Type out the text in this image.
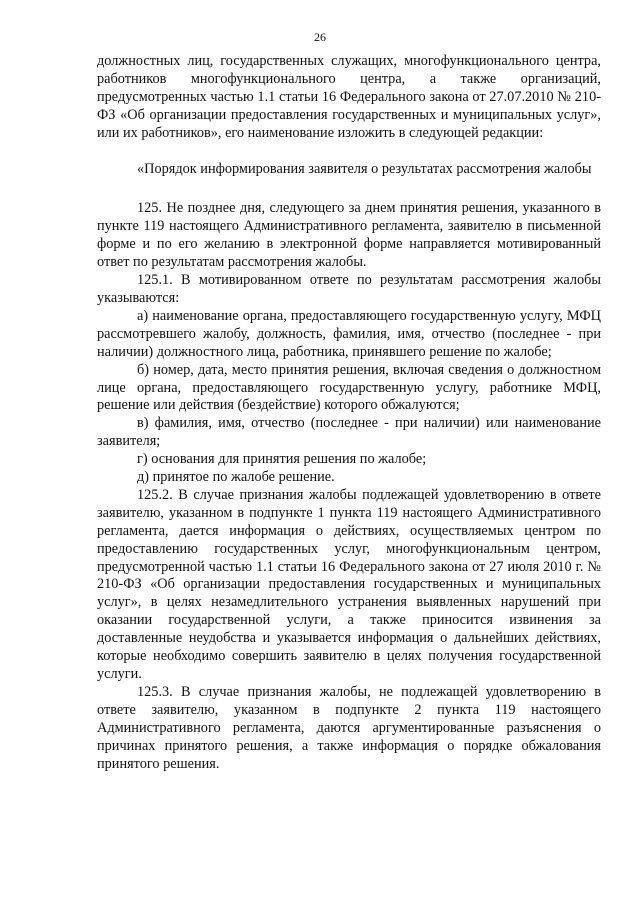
26

должностных лиц, государственных служащих, многофункционального центра, работников многофункционального центра, а также организаций, предусмотренных частью 1.1 статьи 16 Федерального закона от 27.07.2010 № 210-ФЗ «Об организации предоставления государственных и муниципальных услуг», или их работников», его наименование изложить в следующей редакции:

«Порядок информирования заявителя о результатах рассмотрения жалобы

125. Не позднее дня, следующего за днем принятия решения, указанного в пункте 119 настоящего Административного регламента, заявителю в письменной форме и по его желанию в электронной форме направляется мотивированный ответ по результатам рассмотрения жалобы.

125.1. В мотивированном ответе по результатам рассмотрения жалобы указываются:

а) наименование органа, предоставляющего государственную услугу, МФЦ рассмотревшего жалобу, должность, фамилия, имя, отчество (последнее - при наличии) должностного лица, работника, принявшего решение по жалобе;

б) номер, дата, место принятия решения, включая сведения о должностном лице органа, предоставляющего государственную услугу, работнике МФЦ, решение или действия (бездействие) которого обжалуются;

в) фамилия, имя, отчество (последнее - при наличии) или наименование заявителя;

г) основания для принятия решения по жалобе;

д) принятое по жалобе решение.

125.2. В случае признания жалобы подлежащей удовлетворению в ответе заявителю, указанном в подпункте 1 пункта 119 настоящего Административного регламента, дается информация о действиях, осуществляемых центром по предоставлению государственных услуг, многофункциональным центром, предусмотренной частью 1.1 статьи 16 Федерального закона от 27 июля 2010 г. № 210-ФЗ «Об организации предоставления государственных и муниципальных услуг», в целях незамедлительного устранения выявленных нарушений при оказании государственной услуги, а также приносится извинения за доставленные неудобства и указывается информация о дальнейших действиях, которые необходимо совершить заявителю в целях получения государственной услуги.

125.3. В случае признания жалобы, не подлежащей удовлетворению в ответе заявителю, указанном в подпункте 2 пункта 119 настоящего Административного регламента, даются аргументированные разъяснения о причинах принятого решения, а также информация о порядке обжалования принятого решения.
